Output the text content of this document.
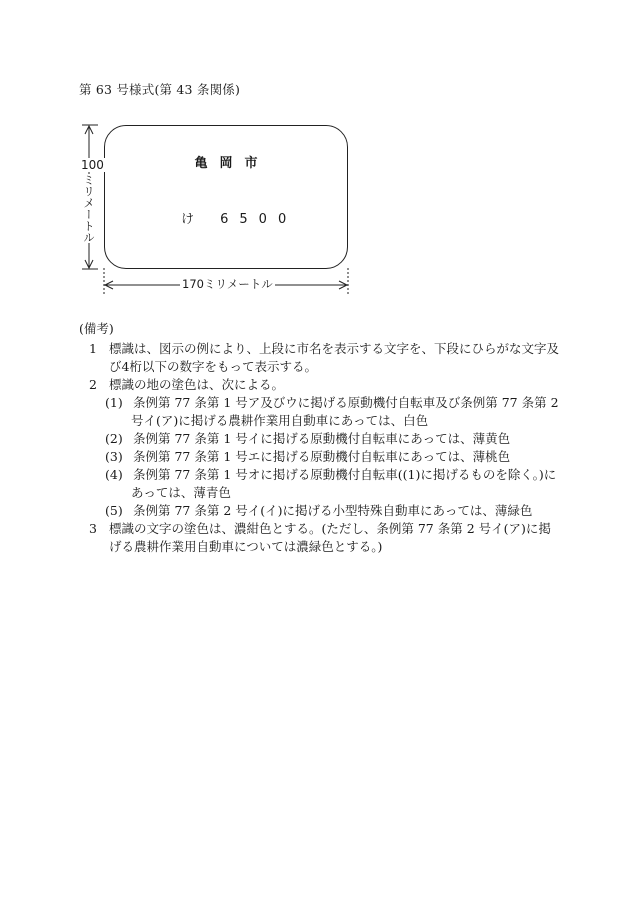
第 63 号様式(第 43 条関係)
亀岡市
け 6500
100
ミリメートル
170ミリメートル
(備考)
1 標識は、図示の例により、上段に市名を表示する文字を、下段にひらがな文字及び4桁以下の数字をもって表示する。
2 標識の地の塗色は、次による。
(1) 条例第 77 条第 1 号ア及びウに掲げる原動機付自転車及び条例第 77 条第 2 号イ(ア)に掲げる農耕作業用自動車にあっては、白色
(2) 条例第 77 条第 1 号イに掲げる原動機付自転車にあっては、薄黄色
(3) 条例第 77 条第 1 号エに掲げる原動機付自転車にあっては、薄桃色
(4) 条例第 77 条第 1 号オに掲げる原動機付自転車((1)に掲げるものを除く。)にあっては、薄青色
(5) 条例第 77 条第 2 号イ(イ)に掲げる小型特殊自動車にあっては、薄緑色
3 標識の文字の塗色は、濃紺色とする。(ただし、条例第 77 条第 2 号イ(ア)に掲げる農耕作業用自動車については濃緑色とする。)
